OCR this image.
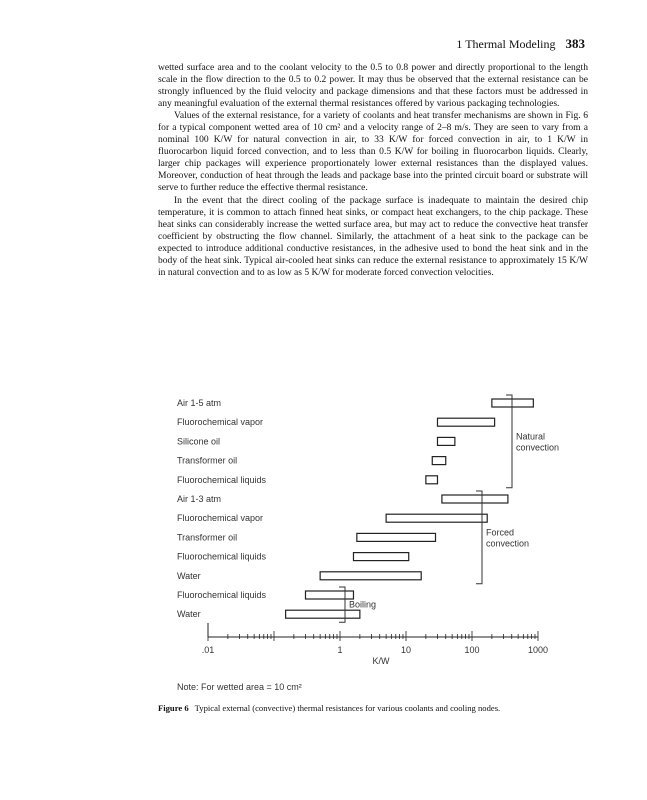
1 Thermal Modeling 383

wetted surface area and to the coolant velocity to the 0.5 to 0.8 power and directly proportional to the length scale in the flow direction to the 0.5 to 0.2 power. It may thus be observed that the external resistance can be strongly influenced by the fluid velocity and package dimensions and that these factors must be addressed in any meaningful evaluation of the external thermal resistances offered by various packaging technologies.

Values of the external resistance, for a variety of coolants and heat transfer mechanisms are shown in Fig. 6 for a typical component wetted area of 10 cm² and a velocity range of 2–8 m/s. They are seen to vary from a nominal 100 K/W for natural convection in air, to 33 K/W for forced convection in air, to 1 K/W in fluorocarbon liquid forced convection, and to less than 0.5 K/W for boiling in fluorocarbon liquids. Clearly, larger chip packages will experience proportionately lower external resistances than the displayed values. Moreover, conduction of heat through the leads and package base into the printed circuit board or substrate will serve to further reduce the effective thermal resistance.

In the event that the direct cooling of the package surface is inadequate to maintain the desired chip temperature, it is common to attach finned heat sinks, or compact heat exchangers, to the chip package. These heat sinks can considerably increase the wetted surface area, but may act to reduce the convective heat transfer coefficient by obstructing the flow channel. Similarly, the attachment of a heat sink to the package can be expected to introduce additional conductive resistances, in the adhesive used to bond the heat sink and in the body of the heat sink. Typical air-cooled heat sinks can reduce the external resistance to approximately 15 K/W in natural convection and to as low as 5 K/W for moderate forced convection velocities.

Air 1-5 atm
Fluorochemical vapor
Silicone oil
Transformer oil
Fluorochemical liquids
Air 1-3 atm
Fluorochemical vapor
Transformer oil
Fluorochemical liquids
Water
Fluorochemical liquids
Water
Natural
convection
Forced
convection
Boiling
.01	1	10	100	1000
K/W
Note: For wetted area = 10 cm²
Figure 6 Typical external (convective) thermal resistances for various coolants and cooling nodes.
